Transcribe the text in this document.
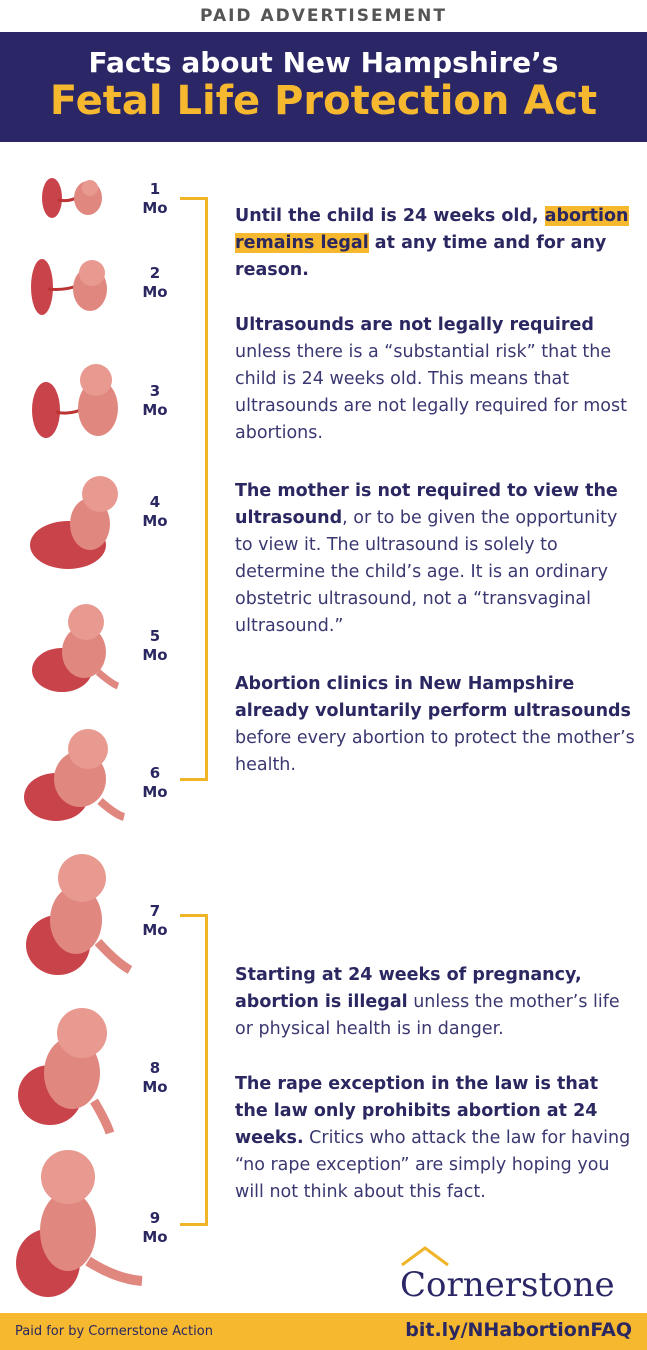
PAID ADVERTISEMENT
Facts about New Hampshire’s
Fetal Life Protection Act
1
Mo
2
Mo
3
Mo
4
Mo
5
Mo
6
Mo
7
Mo
8
Mo
9
Mo
Until the child is 24 weeks old, abortion remains legal at any time and for any reason.
Ultrasounds are not legally required unless there is a “substantial risk” that the child is 24 weeks old. This means that ultrasounds are not legally required for most abortions.
The mother is not required to view the ultrasound, or to be given the opportunity to view it. The ultrasound is solely to determine the child’s age. It is an ordinary obstetric ultrasound, not a “transvaginal ultrasound.”
Abortion clinics in New Hampshire already voluntarily perform ultrasounds before every abortion to protect the mother’s health.
Starting at 24 weeks of pregnancy, abortion is illegal unless the mother’s life or physical health is in danger.
The rape exception in the law is that the law only prohibits abortion at 24 weeks. Critics who attack the law for having “no rape exception” are simply hoping you will not think about this fact.
Cornerstone
Paid for by Cornerstone Action	bit.ly/NHabortionFAQ
